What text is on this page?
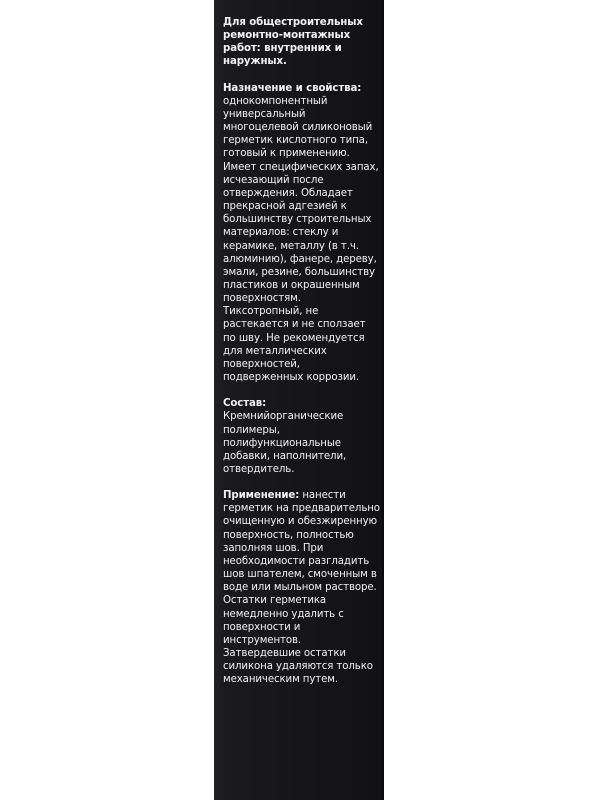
Для общестроительных ремонтно-монтажных работ: внутренних и наружных.

Назначение и свойства:
однокомпонентный универсальный многоцелевой силиконовый герметик кислотного типа, готовый к применению. Имеет специфических запах, исчезающий после отверждения. Обладает прекрасной адгезией к большинству строительных материалов: стеклу и керамике, металлу (в т.ч. алюминию), фанере, дереву, эмали, резине, большинству пластиков и окрашенным поверхностям. Тиксотропный, не растекается и не сползает по шву. Не рекомендуется для металлических поверхностей, подверженных коррозии.

Состав:
Кремнийорганические полимеры, полифункциональные добавки, наполнители, отвердитель.

Применение: нанести герметик на предварительно очищенную и обезжиренную поверхность, полностью заполняя шов. При необходимости разгладить шов шпателем, смоченным в воде или мыльном растворе. Остатки герметика немедленно удалить с поверхности и инструментов. Затвердевшие остатки силикона удаляются только механическим путем.
